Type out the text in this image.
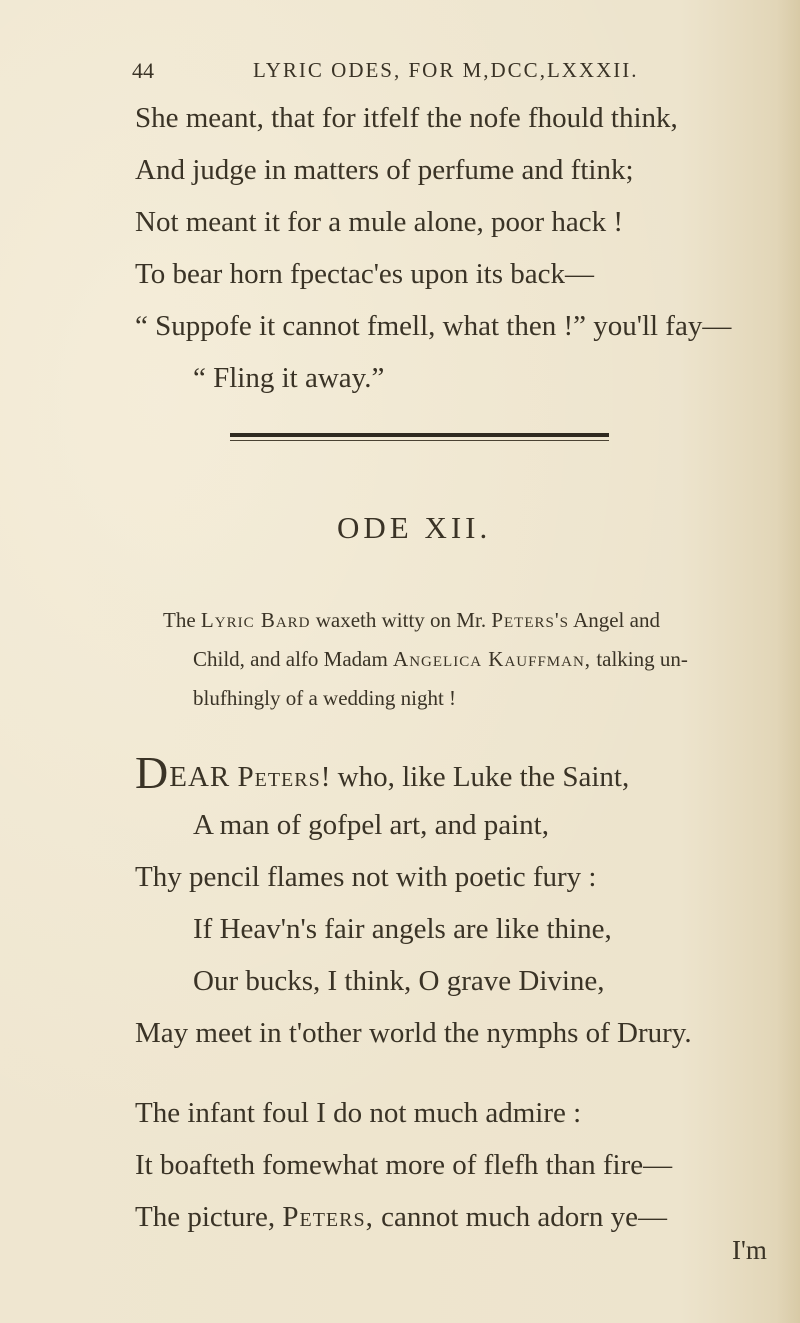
44	LYRIC ODES, FOR M,DCC,LXXXII.
She meant, that for itfelf the nofe fhould think,
And judge in matters of perfume and ftink;
Not meant it for a mule alone, poor hack !
To bear horn fpectac'es upon its back—
“ Suppofe it cannot fmell, what then !” you'll fay—
“ Fling it away.”
ODE XII.
The Lyric Bard waxeth witty on Mr. Peters's Angel and
Child, and alfo Madam Angelica Kauffman, talking un-
blufhingly of a wedding night !
DEAR Peters! who, like Luke the Saint,
A man of gofpel art, and paint,
Thy pencil flames not with poetic fury :
If Heav'n's fair angels are like thine,
Our bucks, I think, O grave Divine,
May meet in t'other world the nymphs of Drury.
The infant foul I do not much admire :
It boafteth fomewhat more of flefh than fire—
The picture, Peters, cannot much adorn ye—
I'm
